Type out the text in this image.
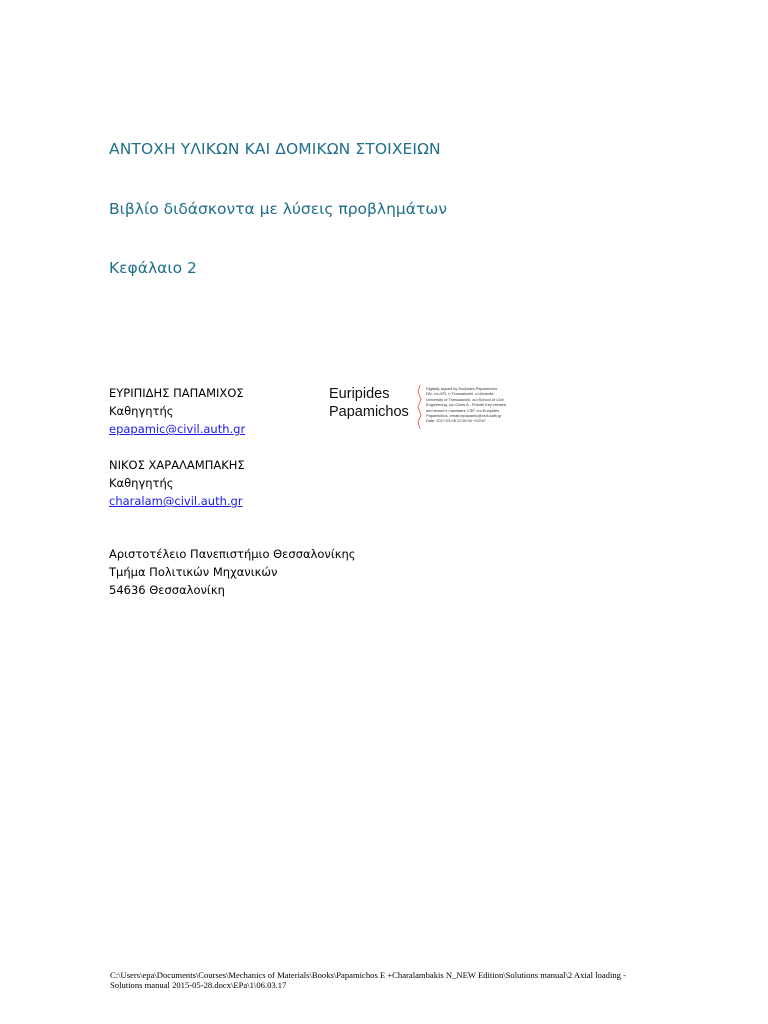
ΑΝΤΟΧΗ ΥΛΙΚΩΝ ΚΑΙ ΔΟΜΙΚΩΝ ΣΤΟΙΧΕΙΩΝ
Βιβλίο διδάσκοντα με λύσεις προβλημάτων
Κεφάλαιο 2
ΕΥΡΙΠΙΔΗΣ ΠΑΠΑΜΙΧΟΣ
Καθηγητής
epapamic@civil.auth.gr
Euripides
Papamichos
Digitally signed by Euripides Papamichos
DN: cn=GR, l=Thessaloniki, o=Aristotle
University of Thessaloniki, ou=School of Civil
Engineering, ou=Class A - Private Key created
and stored in hardware CSP, cn=Euripides
Papamichos, email=epapamic@civil.auth.gr
Date: 2017.03.06 12:55:00 +02'00'
ΝΙΚΟΣ ΧΑΡΑΛΑΜΠΑΚΗΣ
Καθηγητής
charalam@civil.auth.gr
Αριστοτέλειο Πανεπιστήμιο Θεσσαλονίκης
Τμήμα Πολιτικών Μηχανικών
54636 Θεσσαλονίκη
C:\Users\epa\Documents\Courses\Mechanics of Materials\Books\Papamichos E +Charalambakis N_NEW Edition\Solutions manual\2 Axial loading -
Solutions manual 2015-05-28.docx\EPa\1\06.03.17
